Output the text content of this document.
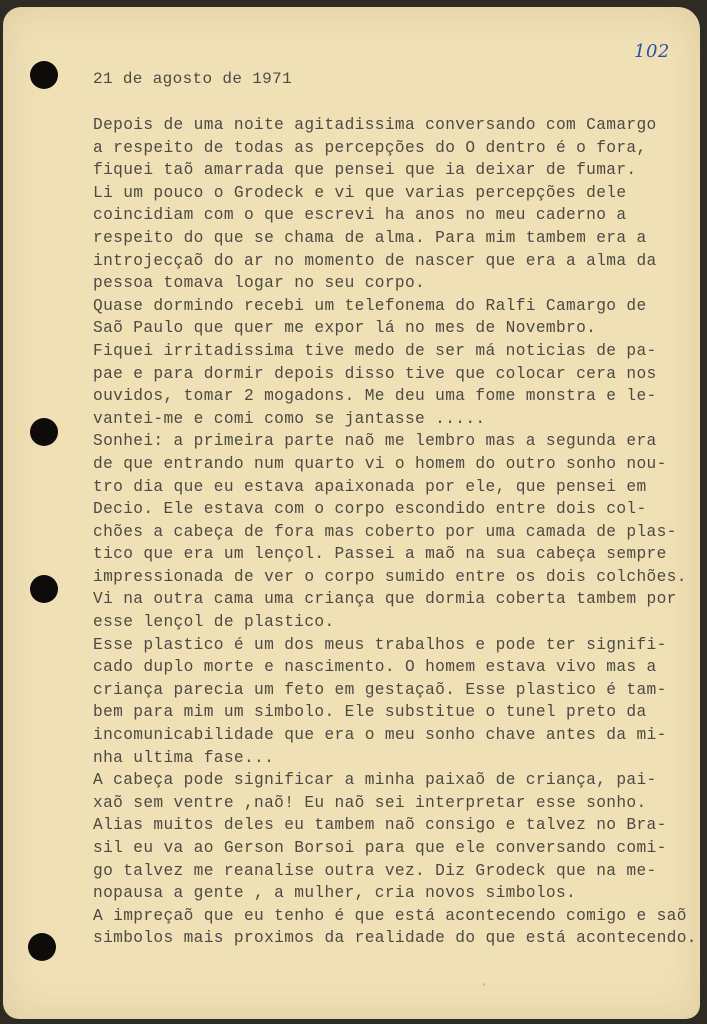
102
21 de agosto de 1971
Depois de uma noite agitadissima conversando com Camargo
a respeito de todas as percepções do O dentro é o fora,
fiquei taõ amarrada que pensei que ia deixar de fumar.
Li um pouco o Grodeck e vi que varias percepções dele
coincidiam com o que escrevi ha anos no meu caderno a
respeito do que se chama de alma. Para mim tambem era a
introjecçaõ do ar no momento de nascer que era a alma da
pessoa tomava logar no seu corpo.
Quase dormindo recebi um telefonema do Ralfi Camargo de
Saõ Paulo que quer me expor lá no mes de Novembro.
Fiquei irritadissima tive medo de ser má noticias de pa-
pae e para dormir depois disso tive que colocar cera nos
ouvidos, tomar 2 mogadons. Me deu uma fome monstra e le-
vantei-me e comi como se jantasse .....
Sonhei: a primeira parte naõ me lembro mas a segunda era
de que entrando num quarto vi o homem do outro sonho nou-
tro dia que eu estava apaixonada por ele, que pensei em
Decio. Ele estava com o corpo escondido entre dois col-
chões a cabeça de fora mas coberto por uma camada de plas-
tico que era um lençol. Passei a maõ na sua cabeça sempre
impressionada de ver o corpo sumido entre os dois colchões.
Vi na outra cama uma criança que dormia coberta tambem por
esse lençol de plastico.
Esse plastico é um dos meus trabalhos e pode ter signifi-
cado duplo morte e nascimento. O homem estava vivo mas a
criança parecia um feto em gestaçaõ. Esse plastico é tam-
bem para mim um simbolo. Ele substitue o tunel preto da
incomunicabilidade que era o meu sonho chave antes da mi-
nha ultima fase...
A cabeça pode significar a minha paixaõ de criança, pai-
xaõ sem ventre ,naõ! Eu naõ sei interpretar esse sonho.
Alias muitos deles eu tambem naõ consigo e talvez no Bra-
sil eu va ao Gerson Borsoi para que ele conversando comi-
go talvez me reanalise outra vez. Diz Grodeck que na me-
nopausa a gente , a mulher, cria novos simbolos.
A impreçaõ que eu tenho é que está acontecendo comigo e saõ
simbolos mais proximos da realidade do que está acontecendo.
ʼ
